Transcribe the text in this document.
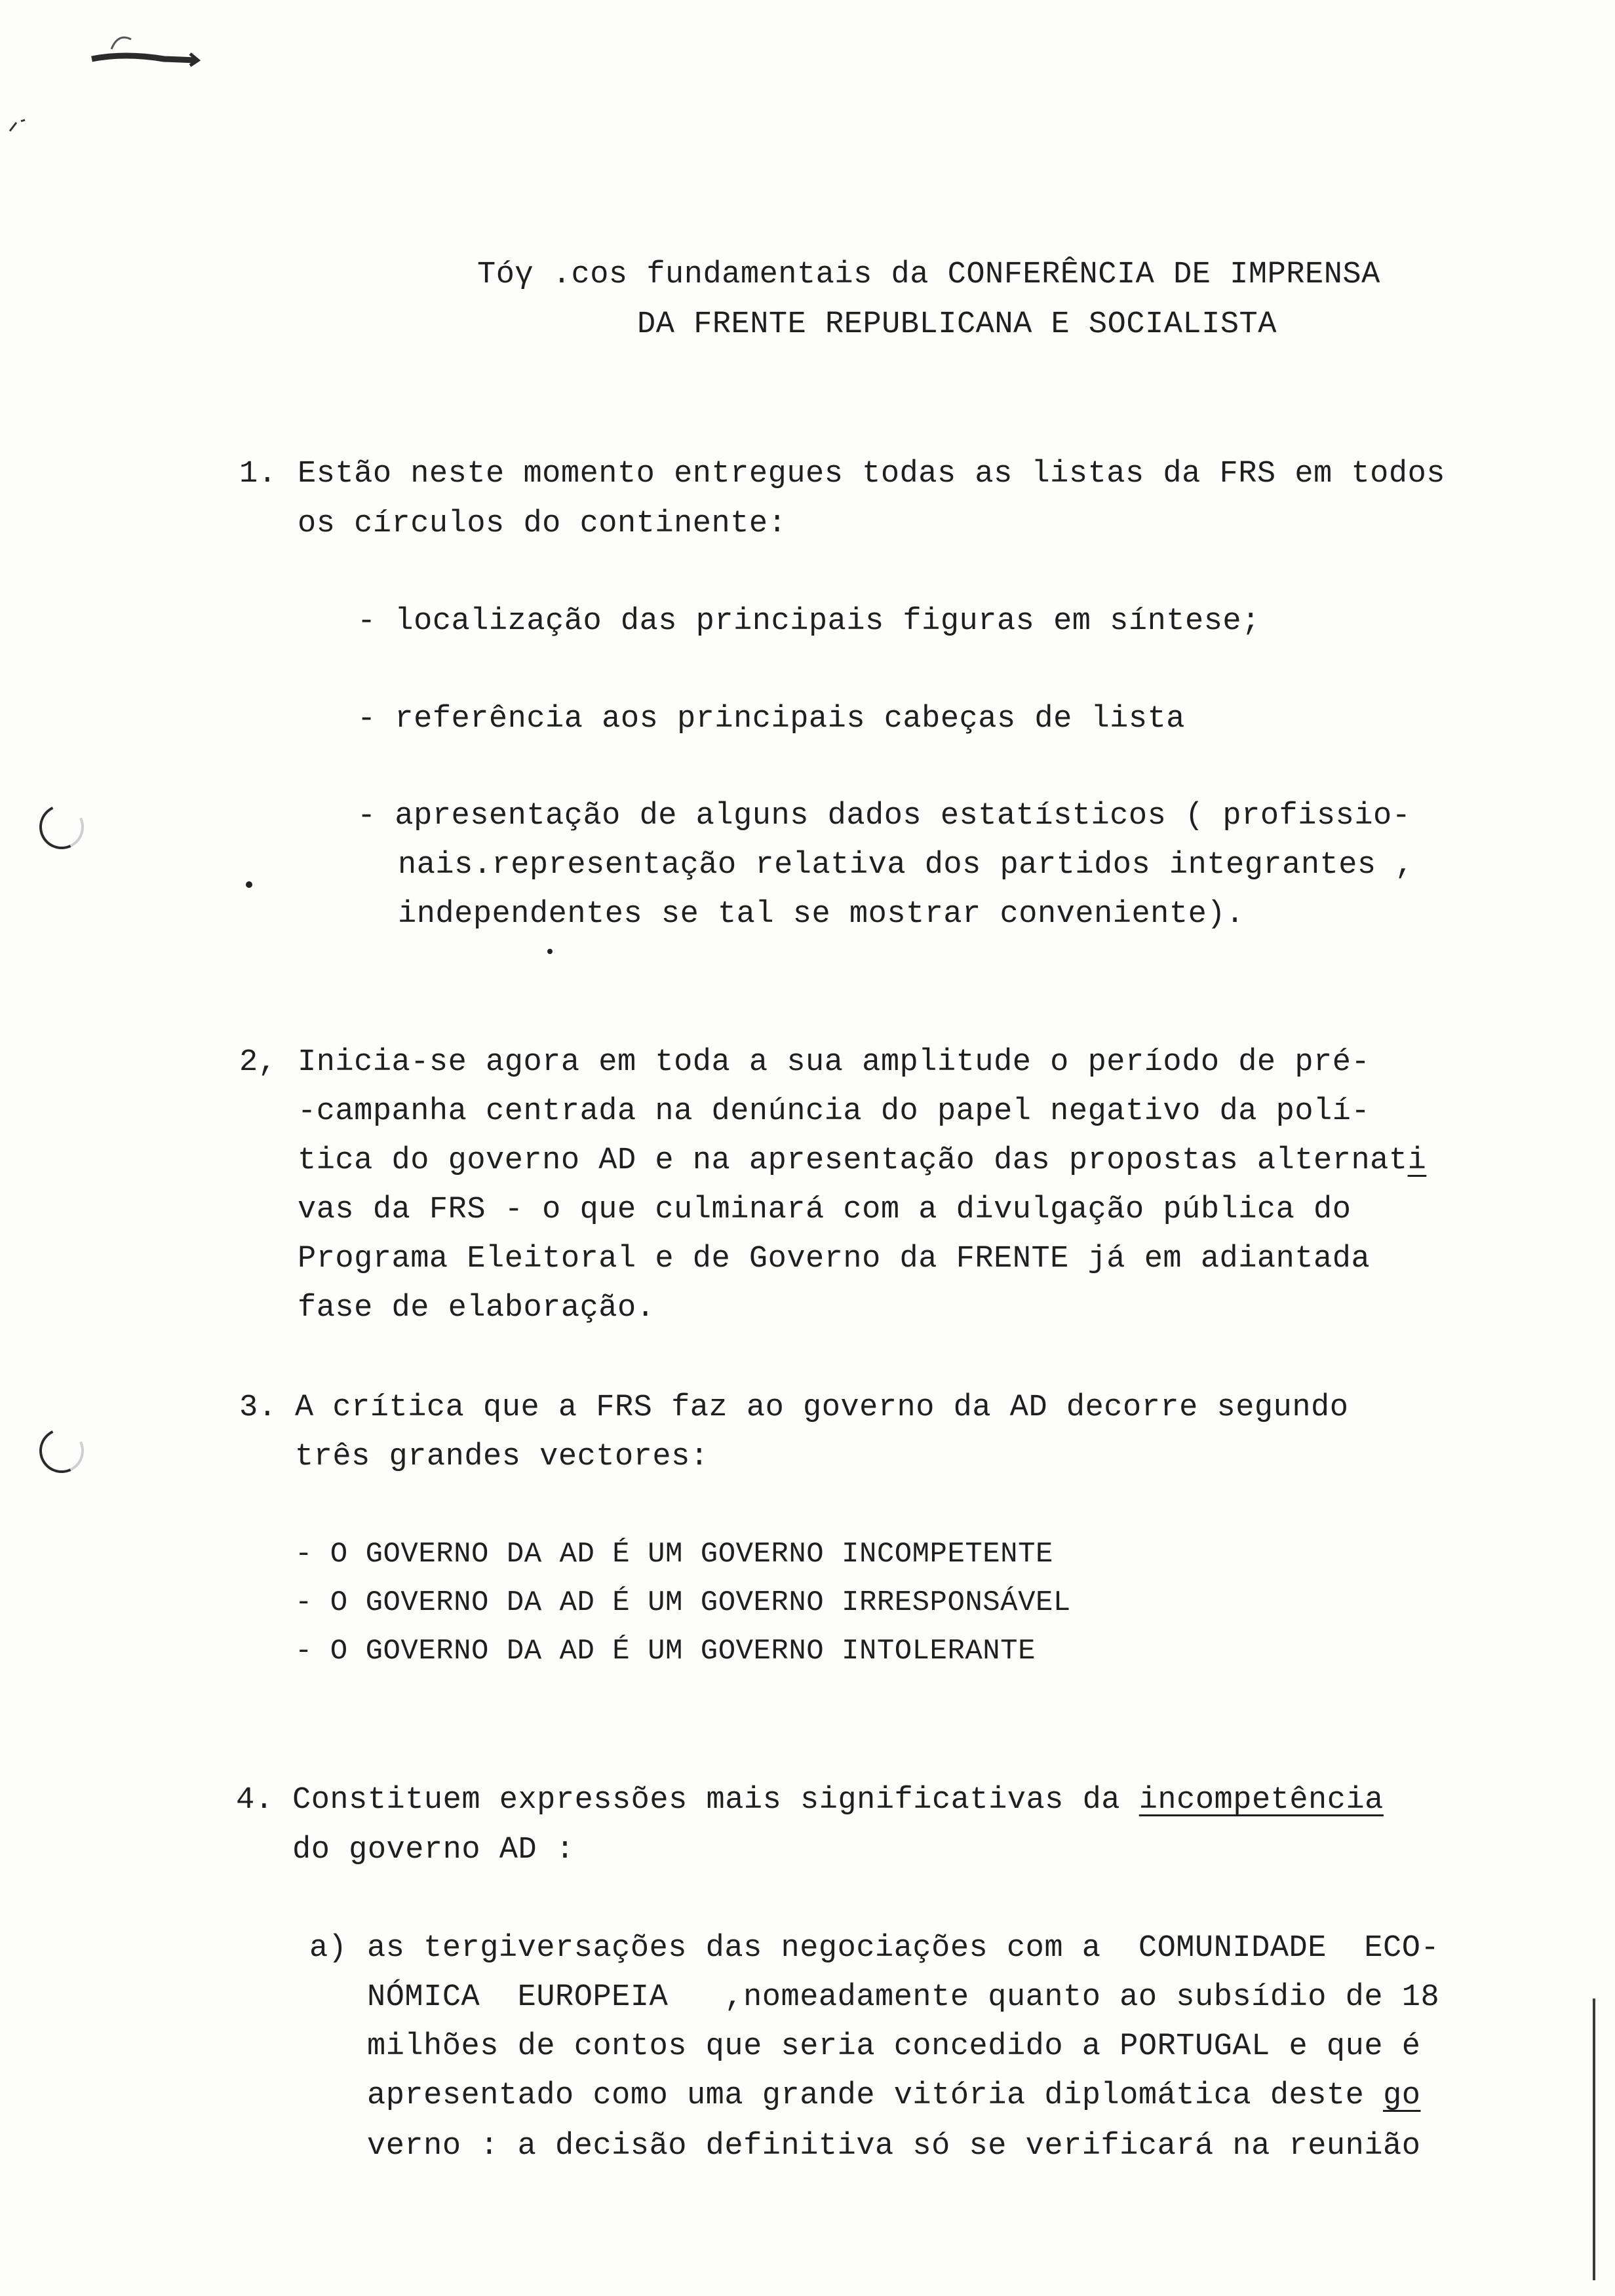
Tóγ .cos fundamentais da CONFERÊNCIA DE IMPRENSA
DA FRENTE REPUBLICANA E SOCIALISTA
1. Estão neste momento entregues todas as listas da FRS em todos
os círculos do continente:
- localização das principais figuras em síntese;
- referência aos principais cabeças de lista
- apresentação de alguns dados estatísticos ( profissio-
nais.representação relativa dos partidos integrantes ,
independentes se tal se mostrar conveniente).
2, Inicia-se agora em toda a sua amplitude o período de pré-
-campanha centrada na denúncia do papel negativo da polí-
tica do governo AD e na apresentação das propostas alternati
vas da FRS - o que culminará com a divulgação pública do
Programa Eleitoral e de Governo da FRENTE já em adiantada
fase de elaboração.
3. A crítica que a FRS faz ao governo da AD decorre segundo
três grandes vectores:
- O GOVERNO DA AD É UM GOVERNO INCOMPETENTE
- O GOVERNO DA AD É UM GOVERNO IRRESPONSÁVEL
- O GOVERNO DA AD É UM GOVERNO INTOLERANTE
4. Constituem expressões mais significativas da incompetência
do governo AD :
a) as tergiversações das negociações com a  COMUNIDADE  ECO-
NÓMICA  EUROPEIA   ,nomeadamente quanto ao subsídio de 18
milhões de contos que seria concedido a PORTUGAL e que é
apresentado como uma grande vitória diplomática deste go
verno : a decisão definitiva só se verificará na reunião
